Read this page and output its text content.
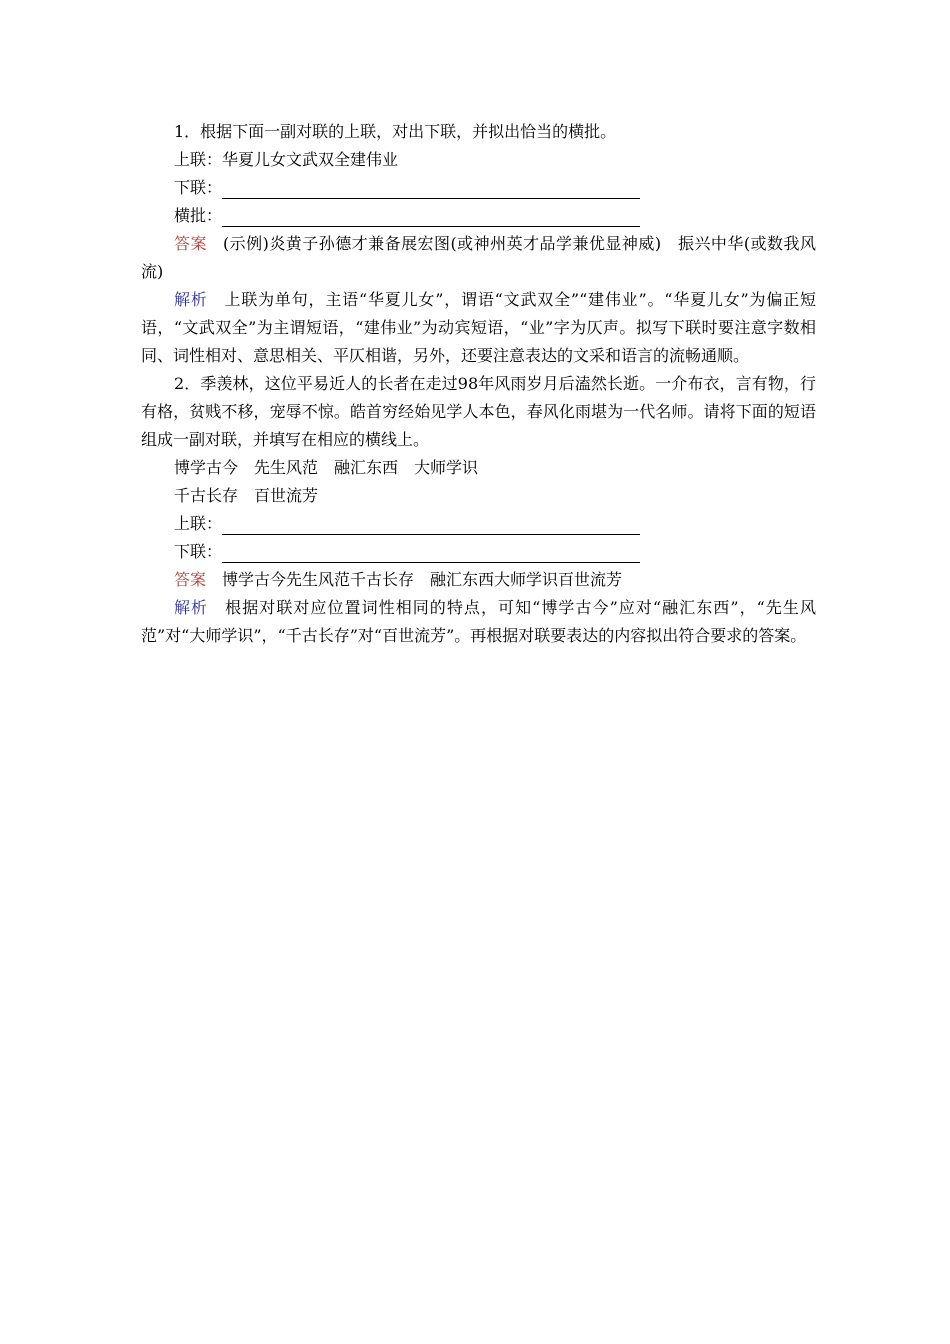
1．根据下面一副对联的上联，对出下联，并拟出恰当的横批。

上联：华夏儿女文武双全建伟业

下联：

横批：

答案 (示例)炎黄子孙德才兼备展宏图(或神州英才品学兼优显神威)　振兴中华(或数我风流)

解析 上联为单句，主语“华夏儿女”，谓语“文武双全”“建伟业”。“华夏儿女”为偏正短语，“文武双全”为主谓短语，“建伟业”为动宾短语，“业”字为仄声。拟写下联时要注意字数相同、词性相对、意思相关、平仄相谐，另外，还要注意表达的文采和语言的流畅通顺。

2．季羡林，这位平易近人的长者在走过98年风雨岁月后溘然长逝。一介布衣，言有物，行有格，贫贱不移，宠辱不惊。皓首穷经始见学人本色，春风化雨堪为一代名师。请将下面的短语组成一副对联，并填写在相应的横线上。

博学古今　先生风范　融汇东西　大师学识

千古长存　百世流芳

上联：

下联：

答案 博学古今先生风范千古长存　融汇东西大师学识百世流芳

解析 根据对联对应位置词性相同的特点，可知“博学古今”应对“融汇东西”，“先生风范”对“大师学识”，“千古长存”对“百世流芳”。再根据对联要表达的内容拟出符合要求的答案。
